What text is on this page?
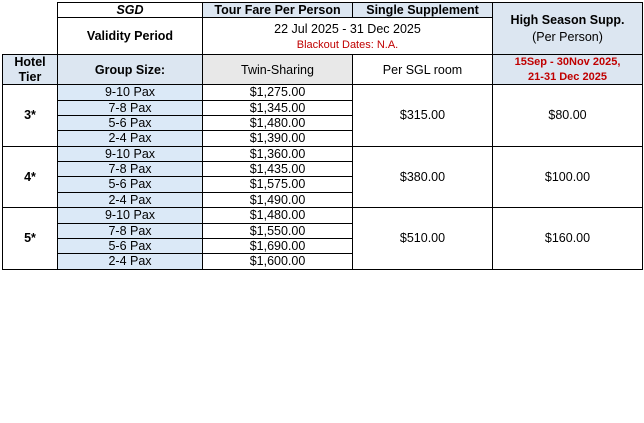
	SGD	Tour Fare Per Person	Single Supplement	High Season Supp.
(Per Person)

	Validity Period	22 Jul 2025 - 31 Dec 2025
Blackout Dates: N.A.		

Hotel Tier	Group Size:	Twin-Sharing	Per SGL room	15Sep - 30Nov 2025,
21-31 Dec 2025

3*	9-10 Pax	$1,275.00	$315.00	$80.00
	7-8 Pax	$1,345.00		
	5-6 Pax	$1,480.00		
	2-4 Pax	$1,390.00		
4*	9-10 Pax	$1,360.00	$380.00	$100.00
	7-8 Pax	$1,435.00		
	5-6 Pax	$1,575.00		
	2-4 Pax	$1,490.00		
5*	9-10 Pax	$1,480.00	$510.00	$160.00
	7-8 Pax	$1,550.00		
	5-6 Pax	$1,690.00		
	2-4 Pax	$1,600.00		
